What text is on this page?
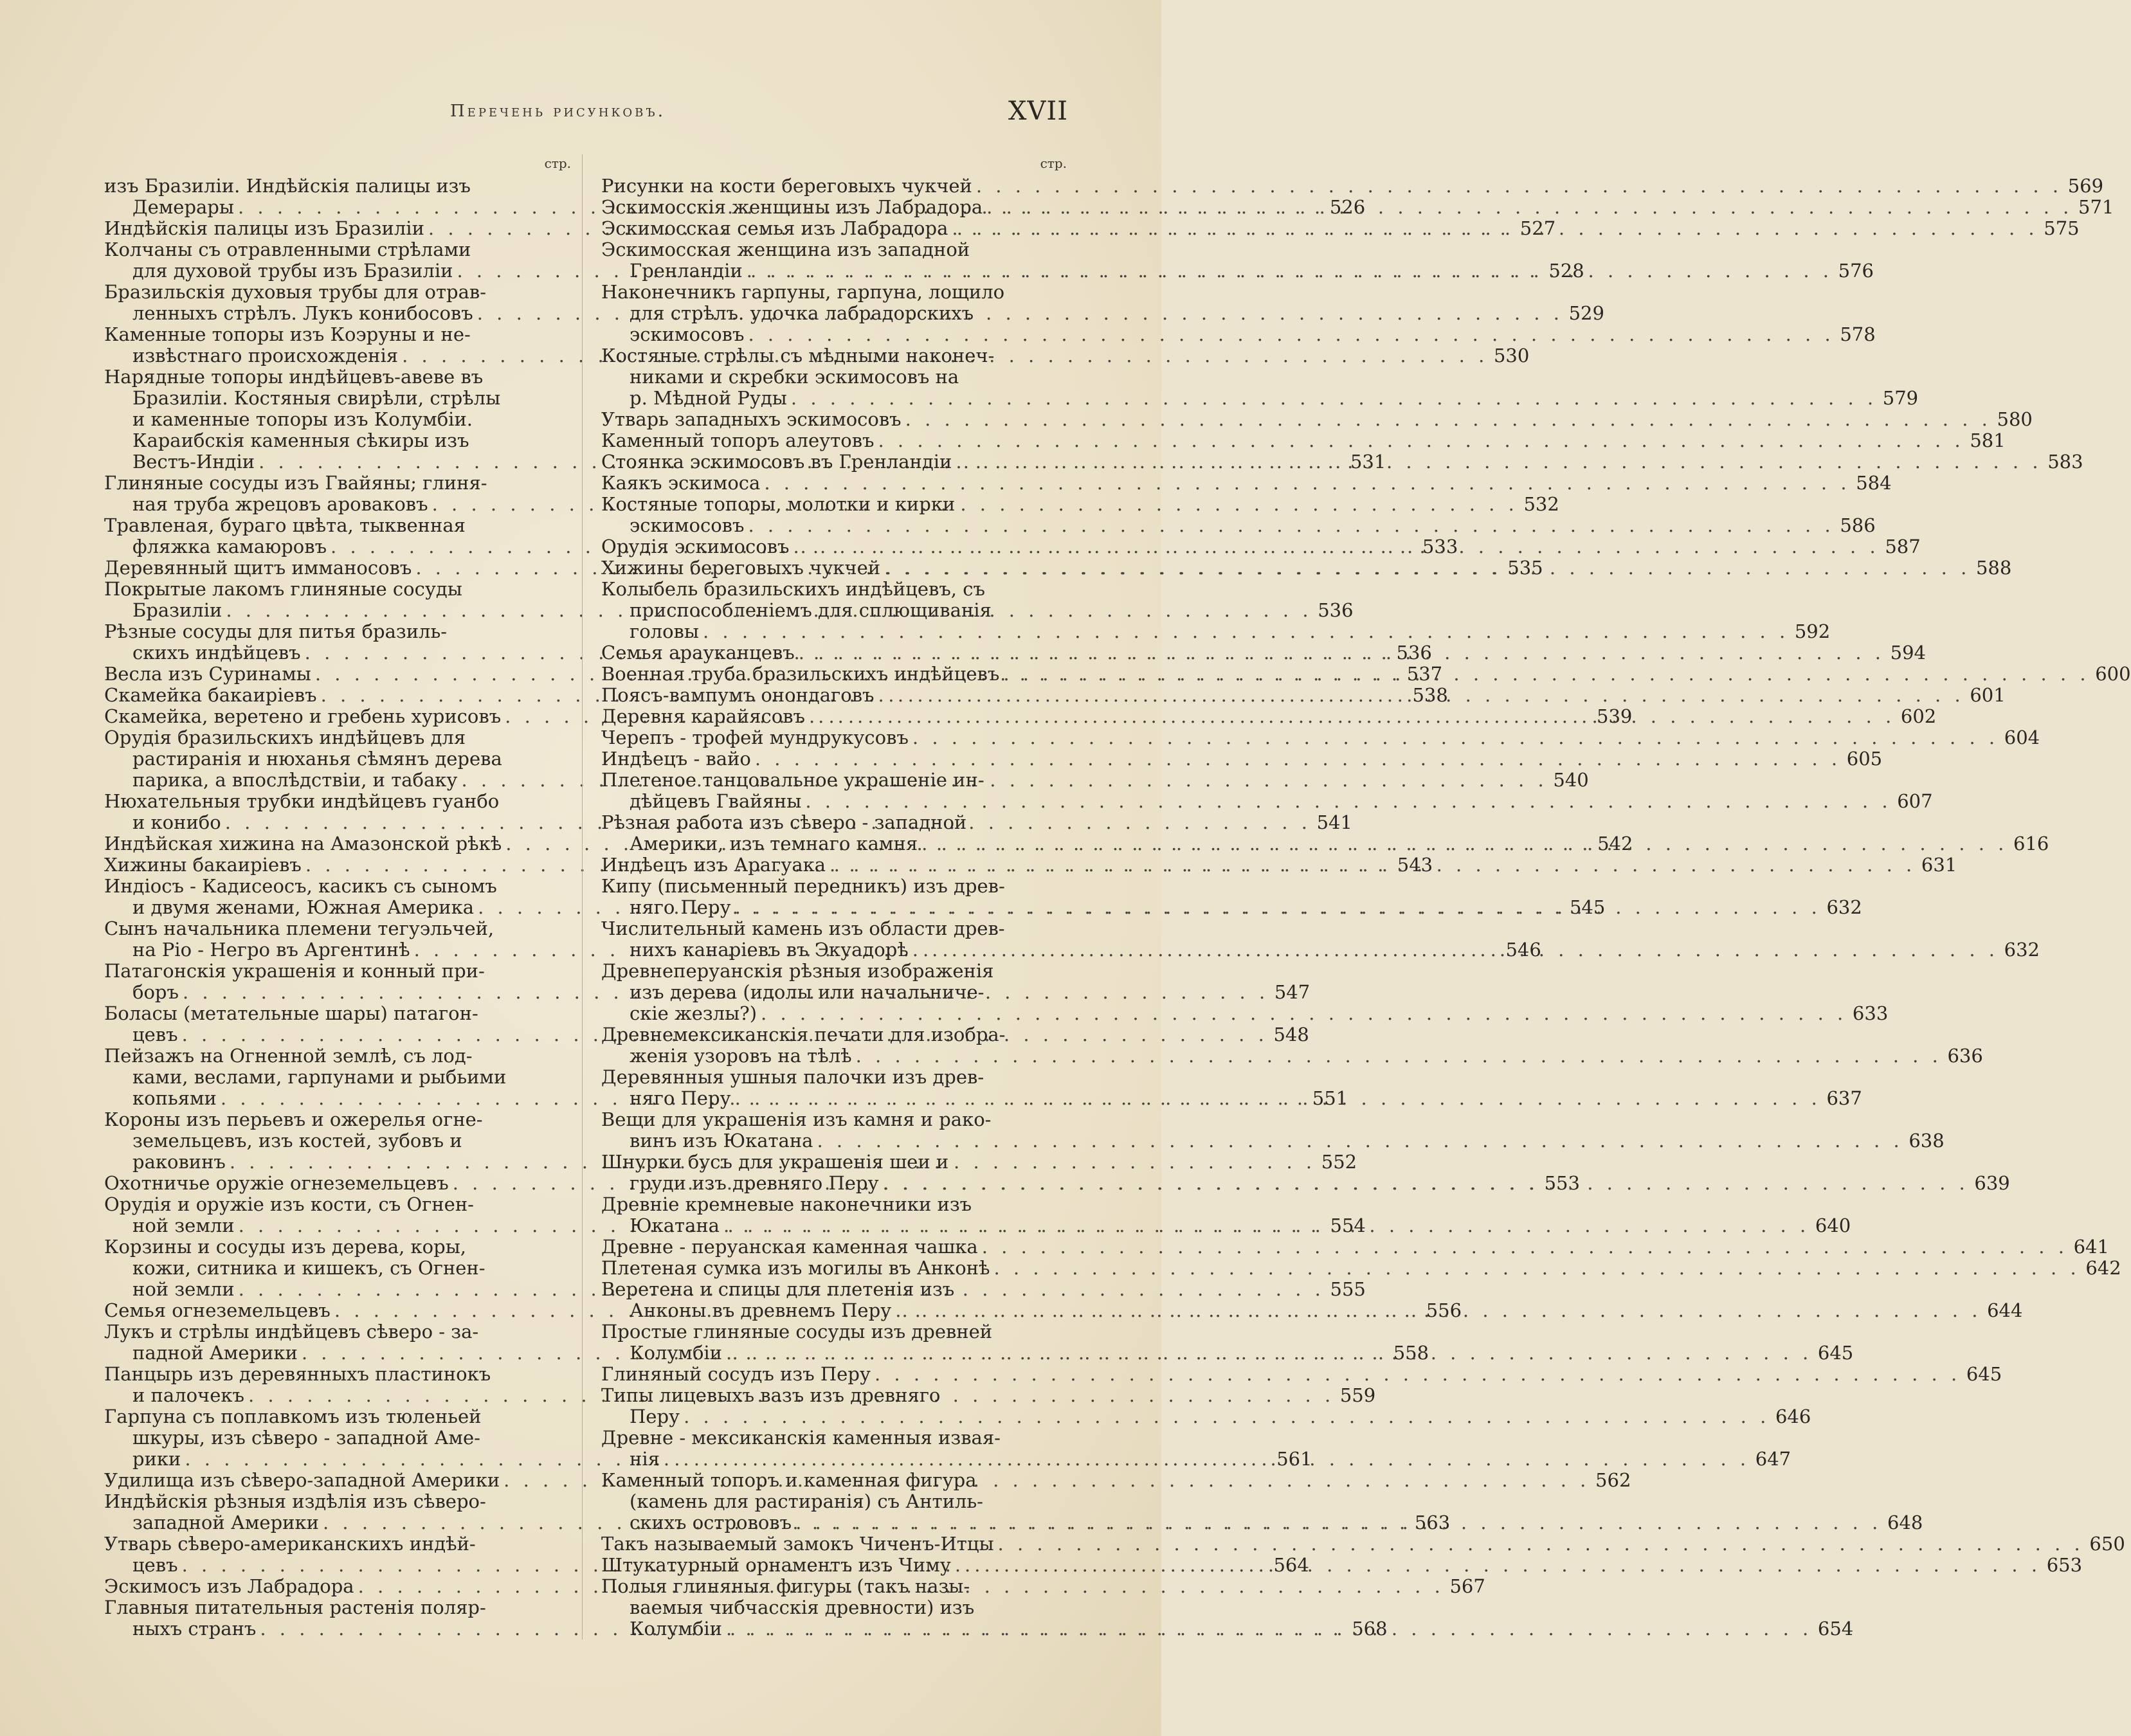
Перечень рисунковъ.	XVII
стр.
изъ Бразиліи. Индѣйскія палицы изъ
Демерары . . .	526
Индѣйскія палицы изъ Бразиліи . . .	527
Колчаны съ отравленными стрѣлами
для духовой трубы изъ Бразиліи . . .	528
Бразильскія духовыя трубы для отрав-
ленныхъ стрѣлъ. Лукъ конибосовъ . . .	529
Каменные топоры изъ Коэруны и не-
извѣстнаго происхожденія . . .	530
Нарядные топоры индѣйцевъ-авеве въ
Бразиліи. Костяныя свирѣли, стрѣлы
и каменные топоры изъ Колумбіи.
Караибскія каменныя сѣкиры изъ
Вестъ-Индіи . . .	531
Глиняные сосуды изъ Гвайяны; глиня-
ная труба жрецовъ ароваковъ . . .	532
Травленая, бураго цвѣта, тыквенная
фляжка камаюровъ . . .	533
Деревянный щитъ имманосовъ . . .	535
Покрытые лакомъ глиняные сосуды
Бразиліи . . .	536
Рѣзные сосуды для питья бразиль-
скихъ индѣйцевъ . . .	536
Весла изъ Суринамы . . .	537
Скамейка бакаирiевъ . . .	538
Скамейка, веретено и гребень хурисовъ . . .	539
Орудія бразильскихъ индѣйцевъ для
растиранія и нюханья сѣмянъ дерева
парика, а впослѣдствіи, и табаку . . .	540
Нюхательныя трубки индѣйцевъ гуанбо
и конибо . . .	541
Индѣйская хижина на Амазонской рѣкѣ . . .	542
Хижины бакаирiевъ . . .	543
Индіосъ - Кадисеосъ, касикъ съ сыномъ
и двумя женами, Южная Америка . . .	545
Сынъ начальника племени тегуэльчей,
на Ріо - Негро въ Аргентинѣ . . .	546
Патагонскія украшенія и конный при-
боръ . . .	547
Боласы (метательные шары) патагон-
цевъ . . .	548
Пейзажъ на Огненной землѣ, съ лод-
ками, веслами, гарпунами и рыбьими
копьями . . .	551
Короны изъ перьевъ и ожерелья огне-
земельцевъ, изъ костей, зубовъ и
раковинъ . . .	552
Охотничье оружіе огнеземельцевъ . . .	553
Орудія и оружіе изъ кости, съ Огнен-
ной земли . . .	554
Корзины и сосуды изъ дерева, коры,
кожи, ситника и кишекъ, съ Огнен-
ной земли . . .	555
Семья огнеземельцевъ . . .	556
Лукъ и стрѣлы индѣйцевъ сѣверо - за-
падной Америки . . .	558
Панцырь изъ деревянныхъ пластинокъ
и палочекъ . . .	559
Гарпуна съ поплавкомъ изъ тюленьей
шкуры, изъ сѣверо - западной Аме-
рики . . .	561
Удилища изъ сѣверо-западной Америки . . .	562
Индѣйскія рѣзныя издѣлія изъ сѣверо-
западной Америки . . .	563
Утварь сѣверо-американскихъ индѣй-
цевъ . . .	564
Эскимосъ изъ Лабрадора . . .	567
Главныя питательныя растенія поляр-
ныхъ странъ . . .	568
стр.
Рисунки на кости береговыхъ чукчей . . .	569
Эскимосскія женщины изъ Лабрадора . . .	571
Эскимосская семья изъ Лабрадора . . .	575
Эскимосская женщина изъ западной
Гренландіи . . .	576
Наконечникъ гарпуны, гарпуна, лощило
для стрѣлъ. удочка лабрадорскихъ
эскимосовъ . . .	578
Костяные стрѣлы съ мѣдными наконеч-
никами и скребки эскимосовъ на
р. Мѣдной Руды . . .	579
Утварь западныхъ эскимосовъ . . .	580
Каменный топоръ алеутовъ . . .	581
Стоянка эскимосовъ въ Гренландіи . . .	583
Каякъ эскимоса . . .	584
Костяные топоры, молотки и кирки
эскимосовъ . . .	586
Орудія эскимосовъ . . .	587
Хижины береговыхъ чукчей . . .	588
Колыбель бразильскихъ индѣйцевъ, съ
приспособленіемъ для сплющиванія
головы . . .	592
Семья арауканцевъ . . .	594
Военная труба бразильскихъ индѣйцевъ . . .	600
Поясъ-вампумъ онондаговъ . . .	601
Деревня карайясовъ . . .	602
Черепъ - трофей мундрукусовъ . . .	604
Индѣецъ - вайо . . .	605
Плетеное танцовальное украшеніе ин-
дѣйцевъ Гвайяны . . .	607
Рѣзная работа изъ сѣверо - западной
Америки, изъ темнаго камня . . .	616
Индѣецъ изъ Арагуака . . .	631
Кипу (письменный передникъ) изъ древ-
няго Перу . . .	632
Числительный камень изъ области древ-
нихъ канаріевъ въ Экуадорѣ . . .	632
Древнеперуанскія рѣзныя изображенія
изъ дерева (идолы или начальниче-
скіе жезлы?) . . .	633
Древнемексиканскія печати для изобра-
женія узоровъ на тѣлѣ . . .	636
Деревянныя ушныя палочки изъ древ-
няго Перу . . .	637
Вещи для украшенія изъ камня и рако-
винъ изъ Юкатана . . .	638
Шнурки бусъ для украшенія шеи и
груди изъ древняго Перу . . .	639
Древніе кремневые наконечники изъ
Юкатана . . .	640
Древне - перуанская каменная чашка . . .	641
Плетеная сумка изъ могилы въ Анконѣ . . .	642
Веретена и спицы для плетенія изъ
Анконы въ древнемъ Перу . . .	644
Простые глиняные сосуды изъ древней
Колумбіи . . .	645
Глиняный сосудъ изъ Перу . . .	645
Типы лицевыхъ вазъ изъ древняго
Перу . . .	646
Древне - мексиканскія каменныя извая-
нія . . .	647
Каменный топоръ и каменная фигура
(камень для растиранія) съ Антиль-
скихъ острововъ . . .	648
Такъ называемый замокъ Чиченъ-Итцы . . .	650
Штукатурный орнаментъ изъ Чиму . . .	653
Полыя глиняныя фигуры (такъ назы-
ваемыя чибчасскія древности) изъ
Колумбіи . . .	654
